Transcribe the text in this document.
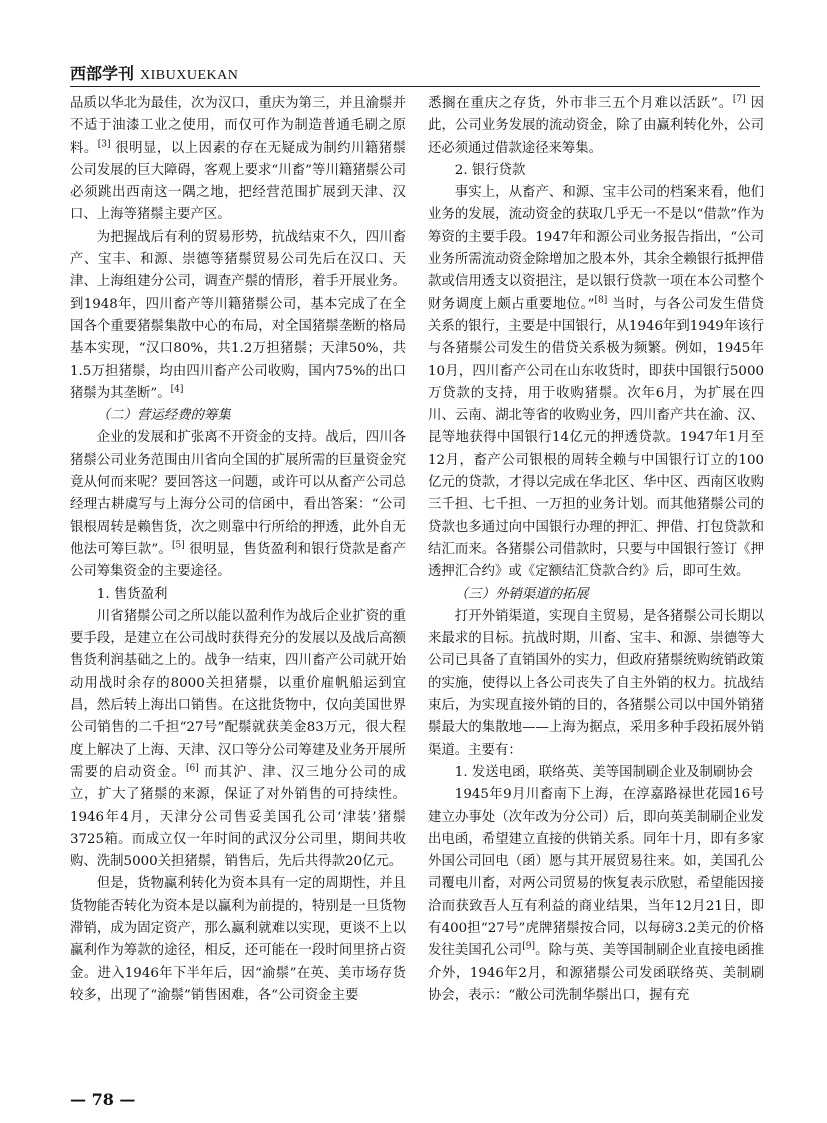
西部学刊 XIBUXUEKAN

品质以华北为最佳，次为汉口，重庆为第三，并且渝鬃并不适于油漆工业之使用，而仅可作为制造普通毛刷之原料。[3] 很明显，以上因素的存在无疑成为制约川籍猪鬃公司发展的巨大障碍，客观上要求“川畜”等川籍猪鬃公司必须跳出西南这一隅之地，把经营范围扩展到天津、汉口、上海等猪鬃主要产区。

为把握战后有利的贸易形势，抗战结束不久，四川畜产、宝丰、和源、崇德等猪鬃贸易公司先后在汉口、天津、上海组建分公司，调查产鬃的情形，着手开展业务。到1948年，四川畜产等川籍猪鬃公司，基本完成了在全国各个重要猪鬃集散中心的布局，对全国猪鬃垄断的格局基本实现，“汉口80%，共1.2万担猪鬃；天津50%，共1.5万担猪鬃，均由四川畜产公司收购，国内75%的出口猪鬃为其垄断”。[4]

（二）营运经费的筹集

企业的发展和扩张离不开资金的支持。战后，四川各猪鬃公司业务范围由川省向全国的扩展所需的巨量资金究竟从何而来呢？要回答这一问题，或许可以从畜产公司总经理古耕虞写与上海分公司的信函中，看出答案：“公司银根周转是赖售货，次之则靠中行所给的押透，此外自无他法可筹巨款”。[5] 很明显，售货盈利和银行贷款是畜产公司筹集资金的主要途径。

1. 售货盈利

川省猪鬃公司之所以能以盈利作为战后企业扩资的重要手段，是建立在公司战时获得充分的发展以及战后高额售货利润基础之上的。战争一结束，四川畜产公司就开始动用战时余存的8000关担猪鬃，以重价雇帆船运到宜昌，然后转上海出口销售。在这批货物中，仅向美国世界公司销售的二千担“27号”配鬃就获美金83万元，很大程度上解决了上海、天津、汉口等分公司筹建及业务开展所需要的启动资金。[6] 而其沪、津、汉三地分公司的成立，扩大了猪鬃的来源，保证了对外销售的可持续性。1946年4月，天津分公司售妥美国孔公司‘津装’猪鬃3725箱。而成立仅一年时间的武汉分公司里，期间共收购、洗制5000关担猪鬃，销售后，先后共得款20亿元。

但是，货物赢利转化为资本具有一定的周期性，并且货物能否转化为资本是以赢利为前提的，特别是一旦货物滞销，成为固定资产，那么赢利就难以实现，更谈不上以赢利作为筹款的途径，相反，还可能在一段时间里挤占资金。进入1946年下半年后，因“渝鬃”在英、美市场存货较多，出现了“渝鬃”销售困难，各“公司资金主要

悉搁在重庆之存货，外市非三五个月难以活跃”。[7] 因此，公司业务发展的流动资金，除了由赢利转化外，公司还必须通过借款途径来筹集。

2. 银行贷款

事实上，从畜产、和源、宝丰公司的档案来看，他们业务的发展，流动资金的获取几乎无一不是以“借款”作为筹资的主要手段。1947年和源公司业务报告指出，“公司业务所需流动资金除增加之股本外，其余全赖银行抵押借款或信用透支以资挹注，是以银行贷款一项在本公司整个财务调度上颇占重要地位。”[8] 当时，与各公司发生借贷关系的银行，主要是中国银行，从1946年到1949年该行与各猪鬃公司发生的借贷关系极为频繁。例如，1945年10月，四川畜产公司在山东收货时，即获中国银行5000万贷款的支持，用于收购猪鬃。次年6月，为扩展在四川、云南、湖北等省的收购业务，四川畜产共在渝、汉、昆等地获得中国银行14亿元的押透贷款。1947年1月至12月，畜产公司银根的周转全赖与中国银行订立的100亿元的贷款，才得以完成在华北区、华中区、西南区收购三千担、七千担、一万担的业务计划。而其他猪鬃公司的贷款也多通过向中国银行办理的押汇、押借、打包贷款和结汇而来。各猪鬃公司借款时，只要与中国银行签订《押透押汇合约》或《定额结汇贷款合约》后，即可生效。

（三）外销渠道的拓展

打开外销渠道，实现自主贸易，是各猪鬃公司长期以来最求的目标。抗战时期，川畜、宝丰、和源、崇德等大公司已具备了直销国外的实力，但政府猪鬃统购统销政策的实施，使得以上各公司丧失了自主外销的权力。抗战结束后，为实现直接外销的目的，各猪鬃公司以中国外销猪鬃最大的集散地——上海为据点，采用多种手段拓展外销渠道。主要有：

1. 发送电函，联络英、美等国制刷企业及制刷协会

1945年9月川畜南下上海，在淳嘉路禄世花园16号建立办事处（次年改为分公司）后，即向英美制刷企业发出电函，希望建立直接的供销关系。同年十月，即有多家外国公司回电（函）愿与其开展贸易往来。如，美国孔公司覆电川畜，对两公司贸易的恢复表示欣慰，希望能因接洽而获致吾人互有利益的商业结果，当年12月21日，即有400担“27号”虎牌猪鬃按合同，以每磅3.2美元的价格发往美国孔公司[9]。除与英、美等国制刷企业直接电函推介外，1946年2月，和源猪鬃公司发函联络英、美制刷协会，表示：“敝公司洗制华鬃出口，握有充

— 78 —
